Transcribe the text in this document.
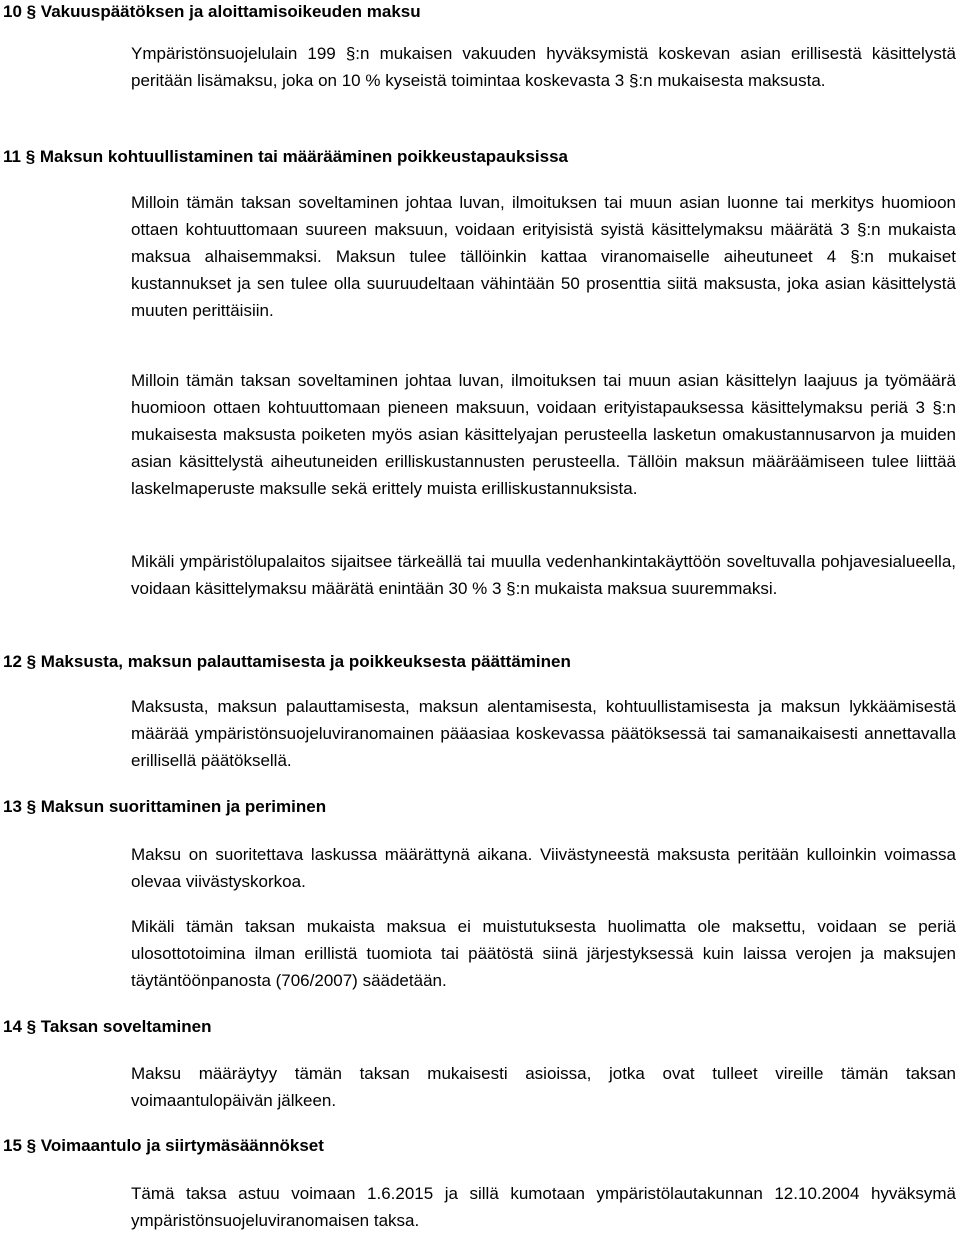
10 § Vakuuspäätöksen ja aloittamisoikeuden maksu

Ympäristönsuojelulain 199 §:n mukaisen vakuuden hyväksymistä koskevan asian erillisestä käsittelystä peritään lisämaksu, joka on 10 % kyseistä toimintaa koskevasta 3 §:n mukaisesta maksusta.

11 § Maksun kohtuullistaminen tai määrääminen poikkeustapauksissa

Milloin tämän taksan soveltaminen johtaa luvan, ilmoituksen tai muun asian luonne tai merkitys huomioon ottaen kohtuuttomaan suureen maksuun, voidaan erityisistä syistä käsittelymaksu määrätä 3 §:n mukaista maksua alhaisemmaksi. Maksun tulee tällöinkin kattaa viranomaiselle aiheutuneet 4 §:n mukaiset kustannukset ja sen tulee olla suuruudeltaan vähintään 50 prosenttia siitä maksusta, joka asian käsittelystä muuten perittäisiin.

Milloin tämän taksan soveltaminen johtaa luvan, ilmoituksen tai muun asian käsittelyn laajuus ja työmäärä huomioon ottaen kohtuuttomaan pieneen maksuun, voidaan erityistapauksessa käsittelymaksu periä 3 §:n mukaisesta maksusta poiketen myös asian käsittelyajan perusteella lasketun omakustannusarvon ja muiden asian käsittelystä aiheutuneiden erilliskustannusten perusteella. Tällöin maksun määräämiseen tulee liittää laskelmaperuste maksulle sekä erittely muista erilliskustannuksista.

Mikäli ympäristölupalaitos sijaitsee tärkeällä tai muulla vedenhankintakäyttöön soveltuvalla pohjavesialueella, voidaan käsittelymaksu määrätä enintään 30 % 3 §:n mukaista maksua suuremmaksi.

12 § Maksusta, maksun palauttamisesta ja poikkeuksesta päättäminen

Maksusta, maksun palauttamisesta, maksun alentamisesta, kohtuullistamisesta ja maksun lykkäämisestä määrää ympäristönsuojeluviranomainen pääasiaa koskevassa päätöksessä tai samanaikaisesti annettavalla erillisellä päätöksellä.

13 § Maksun suorittaminen ja periminen

Maksu on suoritettava laskussa määrättynä aikana. Viivästyneestä maksusta peritään kulloinkin voimassa olevaa viivästyskorkoa.

Mikäli tämän taksan mukaista maksua ei muistutuksesta huolimatta ole maksettu, voidaan se periä ulosottotoimina ilman erillistä tuomiota tai päätöstä siinä järjestyksessä kuin laissa verojen ja maksujen täytäntöönpanosta (706/2007) säädetään.

14 § Taksan soveltaminen

Maksu määräytyy tämän taksan mukaisesti asioissa, jotka ovat tulleet vireille tämän taksan voimaantulopäivän jälkeen.

15 § Voimaantulo ja siirtymäsäännökset

Tämä taksa astuu voimaan 1.6.2015 ja sillä kumotaan ympäristölautakunnan 12.10.2004 hyväksymä ympäristönsuojeluviranomaisen taksa.
